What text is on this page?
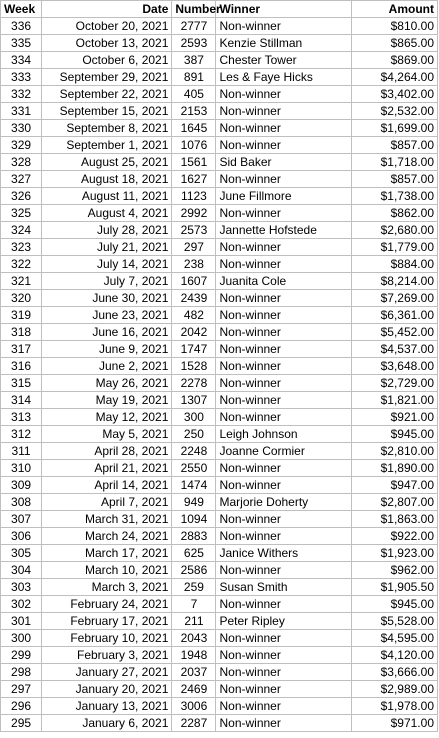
Week	Date	Number	Winner	Amount
336	October 20, 2021	2777	Non-winner	$810.00
335	October 13, 2021	2593	Kenzie Stillman	$865.00
334	October 6, 2021	387	Chester Tower	$869.00
333	September 29, 2021	891	Les & Faye Hicks	$4,264.00
332	September 22, 2021	405	Non-winner	$3,402.00
331	September 15, 2021	2153	Non-winner	$2,532.00
330	September 8, 2021	1645	Non-winner	$1,699.00
329	September 1, 2021	1076	Non-winner	$857.00
328	August 25, 2021	1561	Sid Baker	$1,718.00
327	August 18, 2021	1627	Non-winner	$857.00
326	August 11, 2021	1123	June Fillmore	$1,738.00
325	August 4, 2021	2992	Non-winner	$862.00
324	July 28, 2021	2573	Jannette Hofstede	$2,680.00
323	July 21, 2021	297	Non-winner	$1,779.00
322	July 14, 2021	238	Non-winner	$884.00
321	July 7, 2021	1607	Juanita Cole	$8,214.00
320	June 30, 2021	2439	Non-winner	$7,269.00
319	June 23, 2021	482	Non-winner	$6,361.00
318	June 16, 2021	2042	Non-winner	$5,452.00
317	June 9, 2021	1747	Non-winner	$4,537.00
316	June 2, 2021	1528	Non-winner	$3,648.00
315	May 26, 2021	2278	Non-winner	$2,729.00
314	May 19, 2021	1307	Non-winner	$1,821.00
313	May 12, 2021	300	Non-winner	$921.00
312	May 5, 2021	250	Leigh Johnson	$945.00
311	April 28, 2021	2248	Joanne Cormier	$2,810.00
310	April 21, 2021	2550	Non-winner	$1,890.00
309	April 14, 2021	1474	Non-winner	$947.00
308	April 7, 2021	949	Marjorie Doherty	$2,807.00
307	March 31, 2021	1094	Non-winner	$1,863.00
306	March 24, 2021	2883	Non-winner	$922.00
305	March 17, 2021	625	Janice Withers	$1,923.00
304	March 10, 2021	2586	Non-winner	$962.00
303	March 3, 2021	259	Susan Smith	$1,905.50
302	February 24, 2021	7	Non-winner	$945.00
301	February 17, 2021	211	Peter Ripley	$5,528.00
300	February 10, 2021	2043	Non-winner	$4,595.00
299	February 3, 2021	1948	Non-winner	$4,120.00
298	January 27, 2021	2037	Non-winner	$3,666.00
297	January 20, 2021	2469	Non-winner	$2,989.00
296	January 13, 2021	3006	Non-winner	$1,978.00
295	January 6, 2021	2287	Non-winner	$971.00
